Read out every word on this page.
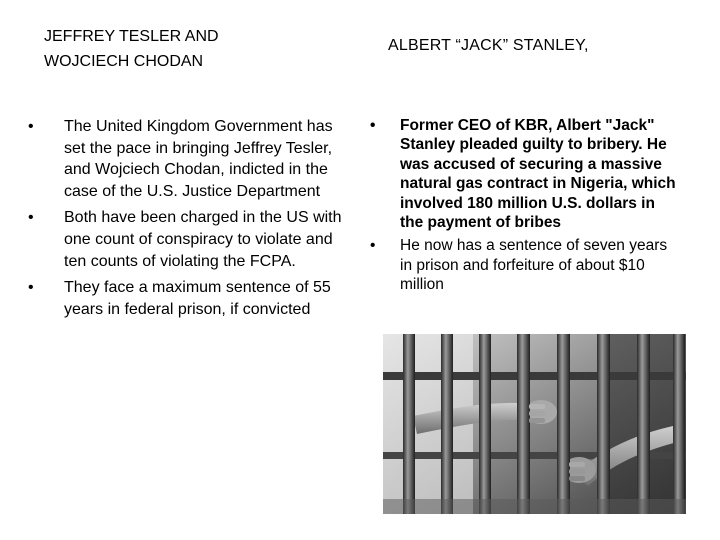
JEFFREY TESLER AND
WOJCIECH CHODAN
ALBERT “JACK” STANLEY,
• The United Kingdom Government has set the pace in bringing Jeffrey Tesler, and Wojciech Chodan, indicted in the case of the U.S. Justice Department
• Both have been charged in the US with one count of conspiracy to violate and ten counts of violating the FCPA.
• They face a maximum sentence of 55 years in federal prison, if convicted
• Former CEO of KBR, Albert "Jack" Stanley pleaded guilty to bribery. He was accused of securing a massive natural gas contract in Nigeria, which involved 180 million U.S. dollars in the payment of bribes
• He now has a sentence of seven years in prison and forfeiture of about $10 million
